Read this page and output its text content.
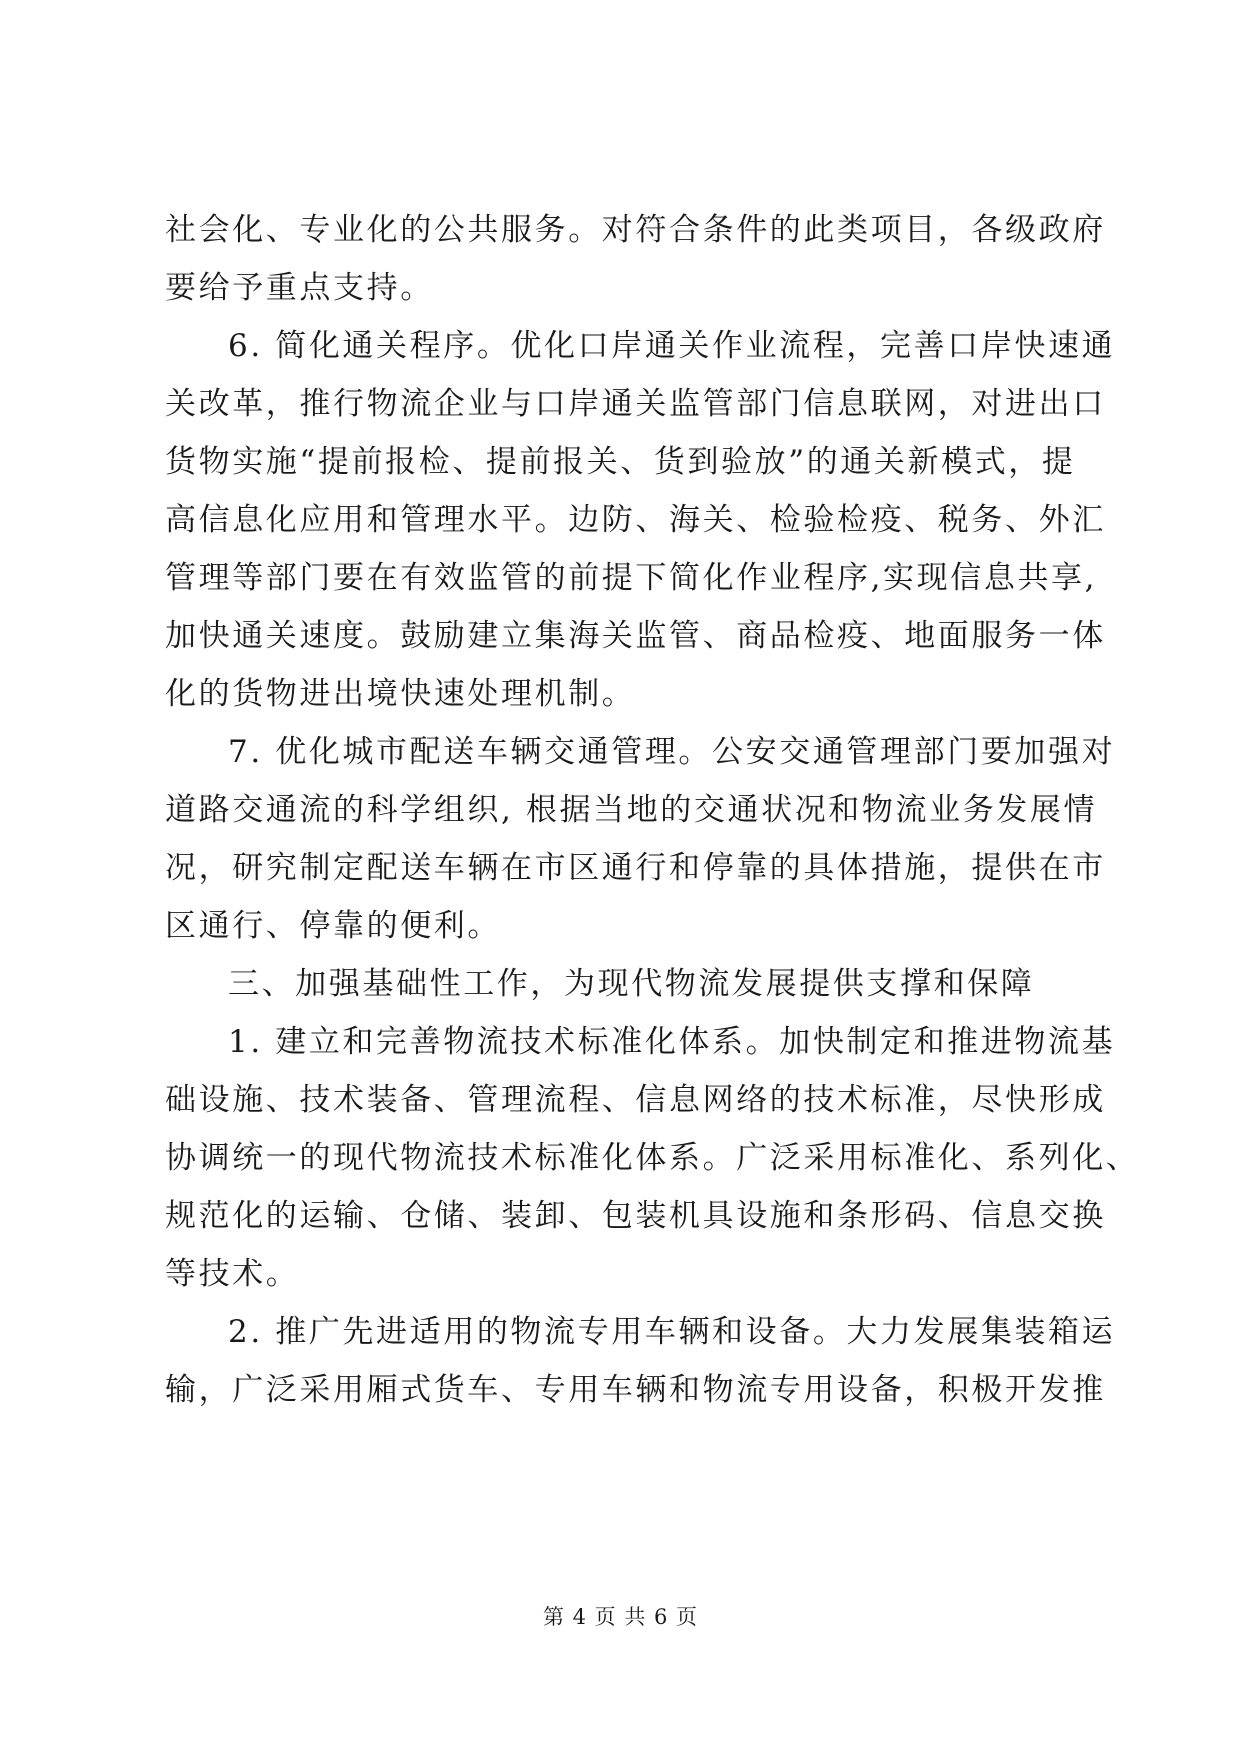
社会化、专业化的公共服务。对符合条件的此类项目，各级政府
要给予重点支持。
6. 简化通关程序。优化口岸通关作业流程，完善口岸快速通
关改革，推行物流企业与口岸通关监管部门信息联网，对进出口
货物实施“提前报检、提前报关、货到验放”的通关新模式，提
高信息化应用和管理水平。边防、海关、检验检疫、税务、外汇
管理等部门要在有效监管的前提下简化作业程序,实现信息共享,
加快通关速度。鼓励建立集海关监管、商品检疫、地面服务一体
化的货物进出境快速处理机制。
7. 优化城市配送车辆交通管理。公安交通管理部门要加强对
道路交通流的科学组织, 根据当地的交通状况和物流业务发展情
况，研究制定配送车辆在市区通行和停靠的具体措施，提供在市
区通行、停靠的便利。
三、加强基础性工作，为现代物流发展提供支撑和保障
1. 建立和完善物流技术标准化体系。加快制定和推进物流基
础设施、技术装备、管理流程、信息网络的技术标准，尽快形成
协调统一的现代物流技术标准化体系。广泛采用标准化、系列化、
规范化的运输、仓储、装卸、包装机具设施和条形码、信息交换
等技术。
2. 推广先进适用的物流专用车辆和设备。大力发展集装箱运
输，广泛采用厢式货车、专用车辆和物流专用设备，积极开发推
第 4 页 共 6 页
